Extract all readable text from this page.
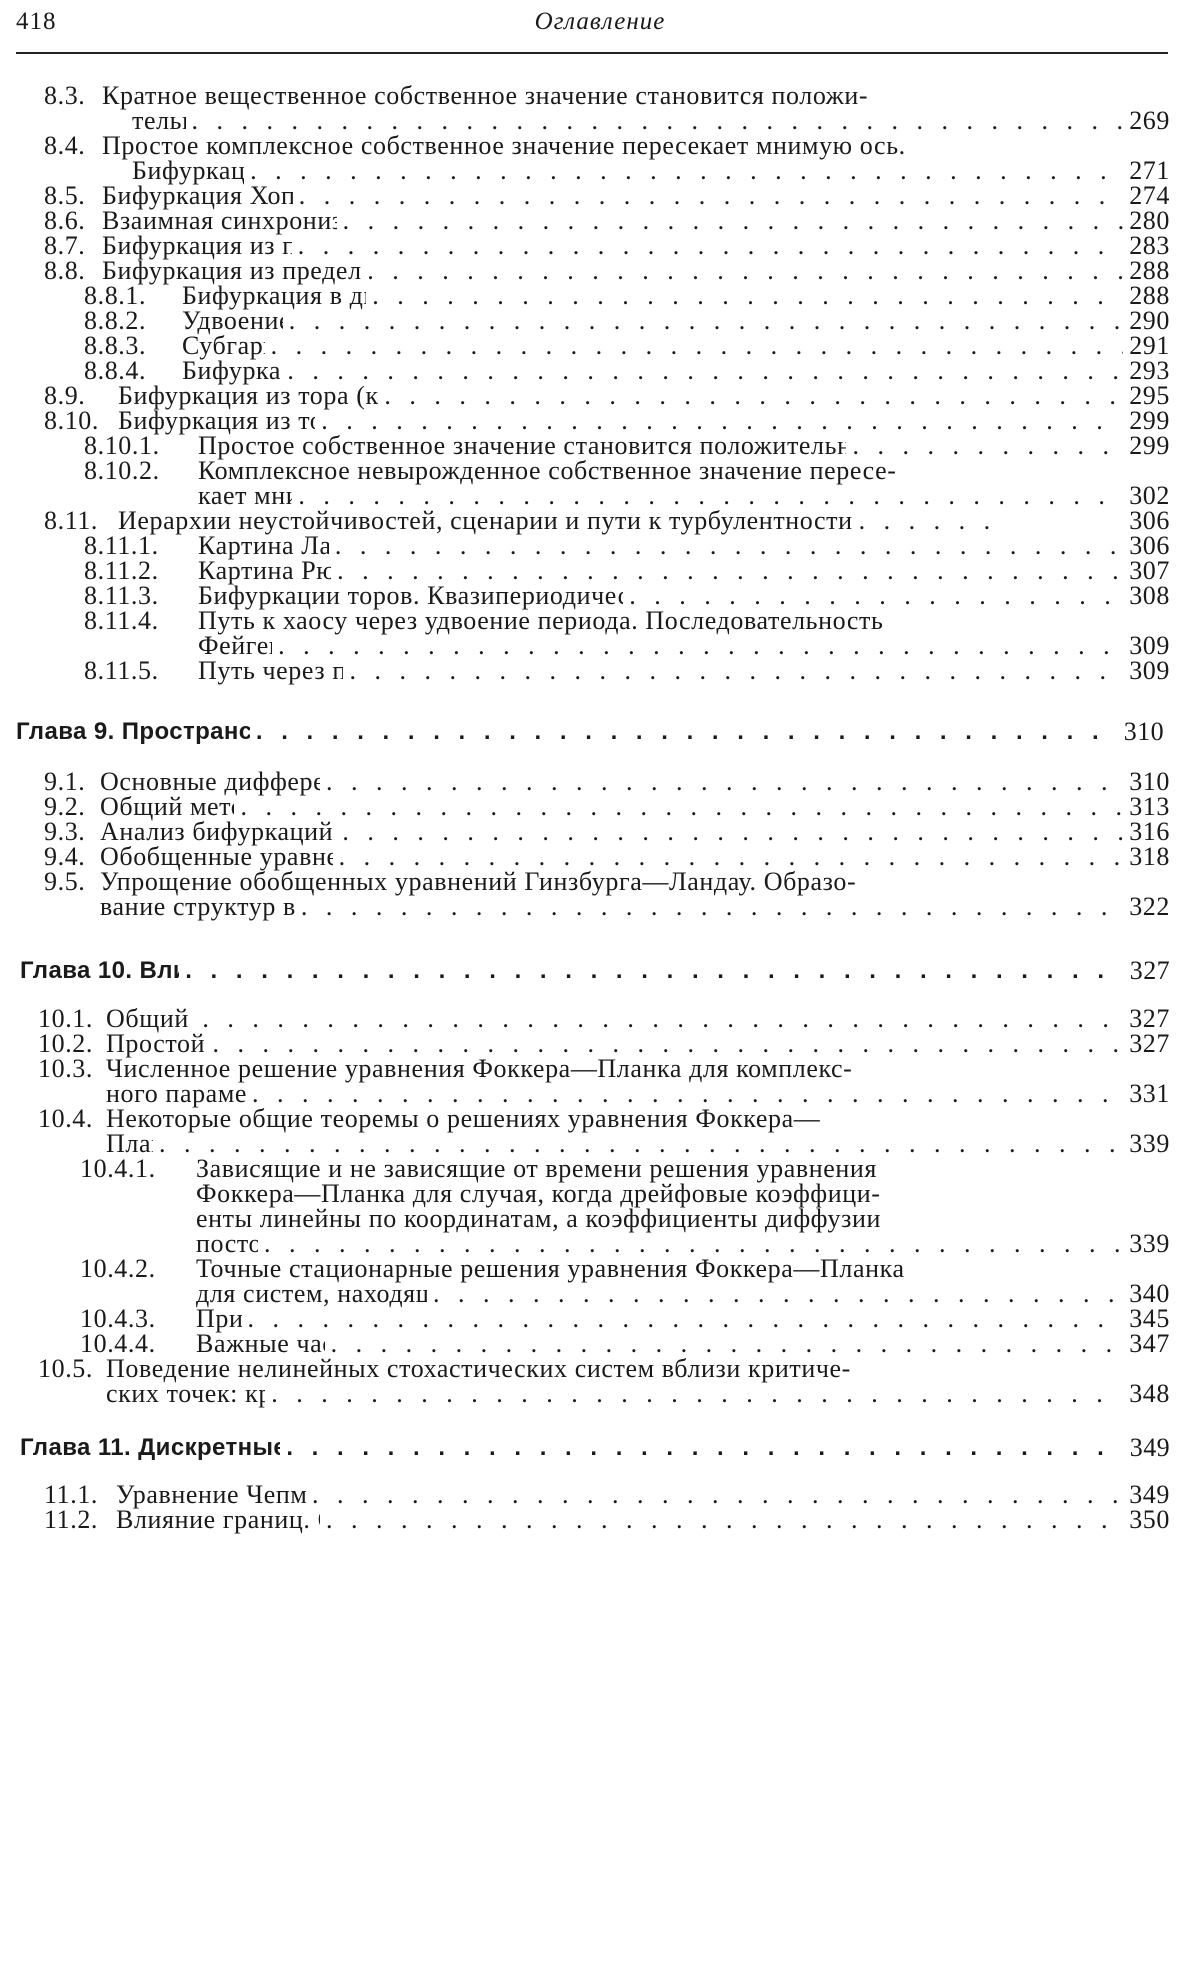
418	Оглавление
8.3. Кратное вещественное собственное значение становится положи-
тель . . . . . . . . . . . . . . . . . . . . . . . . . . . . . . . . . . . . . 269
8.4. Простое комплексное собственное значение пересекает мнимую ось.
Бифуркац . . . . . . . . . . . . . . . . . . . . . . . . . . . . . . . . . . . 271
8.5. Бифуркация Хо . . . . . . . . . . . . . . . . . . . . . . . . . . . . . . . . . 274
8.6. Взаимная синхрони . . . . . . . . . . . . . . . . . . . . . . . . . . . . . . . 280
8.7. Бифуркация из . . . . . . . . . . . . . . . . . . . . . . . . . . . . . . . . . 283
8.8. Бифуркация из предел . . . . . . . . . . . . . . . . . . . . . . . . . . . . . . 288
8.8.1.	Бифуркация в д . . . . . . . . . . . . . . . . . . . . . . . . . . . . . . 288
8.8.2.	Удвоение
. . . . . . . . . . . . . . . . . . . . . . . . . . . . . . . . .	290
8.8.3.	Субгар . . . . . . . . . . . . . . . . . . . . . . . . . . . . . . . . . . 291
8.8.4.	Бифурка . . . . . . . . . . . . . . . . . . . . . . . . . . . . . . . . .	293
8.9.	Бифуркация из тора (к . . . . . . . . . . . . . . . . . . . . . . . . . . . . . . 295
8.10. Бифуркация из т . . . . . . . . . . . . . . . . . . . . . . . . . . . . . . . . 299
8.10.1.	Простое собственное значение становится положительным
. . . . . . . . . . . .
299
8.10.2.	Комплексное невырожденное собственное значение пересе-
кает мн . . . . . . . . . . . . . . . . . . . . . . . . . . . . . . . . . 302
8.11. Иерархии неустойчивостей, сценарии и пути к турбулентности . . . . . .	306
8.11.1.	Картина Л . . . . . . . . . . . . . . . . . . . . . . . . . . . . . . . . 306
8.11.2.	Картина Р . . . . . . . . . . . . . . . . . . . . . . . . . . . . . . .	307
8.11.3.	Бифуркации торов. Квазипериодиче . . . . . . . . . . . . . . . . . . . . 308
8.11.4.	Путь к хаосу через удвоение периода. Последовательность
Фейге . . . . . . . . . . . . . . . . . . . . . . . . . . . . . . . . . . 309
8.11.5.	Путь через . . . . . . . . . . . . . . . . . . . . . . . . . . . . . . . 309
Глава 9. Простран . . . . . . . . . . . . . . . . . . . . . . . . . . . . . . . . . . 310
9.1. Основные диффер . . . . . . . . . . . . . . . . . . . . . . . . . . . . . . . . 310
9.2. Общий мет . . . . . . . . . . . . . . . . . . . . . . . . . . . . . . . . . . .	313
9.3. Анализ бифуркаций . . . . . . . . . . . . . . . . . . . . . . . . . . . . . . . 316
9.4. Обобщенные уравн . . . . . . . . . . . . . . . . . . . . . . . . . . . . . . .	318
9.5. Упрощение обобщенных уравнений Гинзбурга—Ландау. Образо-
вание структур в . . . . . . . . . . . . . . . . . . . . . . . . . . . . . . . . . 322
Глава 10. Вл . . . . . . . . . . . . . . . . . . . . . . . . . . . . . . . . . . . . . 327
10.1. Общий . . . . . . . . . . . . . . . . . . . . . . . . . . . . . . . . . . . . . 327
10.2. Простой . . . . . . . . . . . . . . . . . . . . . . . . . . . . . . . . . . . .	327
10.3. Численное решение уравнения Фоккера—Планка для комплекс-
ного параме . . . . . . . . . . . . . . . . . . . . . . . . . . . . . . . . . . . 331
10.4. Некоторые общие теоремы о решениях уравнения Фоккера—
Пла . . . . . . . . . . . . . . . . . . . . . . . . . . . . . . . . . . . . . . . 339
10.4.1.	Зависящие и не зависящие от времени решения уравнения
Фоккера—Планка для случая, когда дрейфовые коэффици-
енты линейны по координатам, а коэффициенты диффузии
пост . . . . . . . . . . . . . . . . . . . . . . . . . . . . . . . . . .	339
10.4.2.	Точные стационарные решения уравнения Фоккера—Планка
для систем, находя . . . . . . . . . . . . . . . . . . . . . . . . . . . . 340
10.4.3.	При . . . . . . . . . . . . . . . . . . . . . . . . . . . . . . . . . . . 345
10.4.4.	Важные ча . . . . . . . . . . . . . . . . . . . . . . . . . . . . . . . . 347
10.5. Поведение нелинейных стохастических систем вблизи критиче-
ских точек: к . . . . . . . . . . . . . . . . . . . . . . . . . . . . . . . . . . 348
Глава 11. Дискретные . . . . . . . . . . . . . . . . . . . . . . . . . . . . . . . . . 349
11.1. Уравнение Чепм . . . . . . . . . . . . . . . . . . . . . . . . . . . . . . . .	349
11.2. Влияние границ. . . . . . . . . . . . . . . . . . . . . . . . . . . . . . . . . 350
